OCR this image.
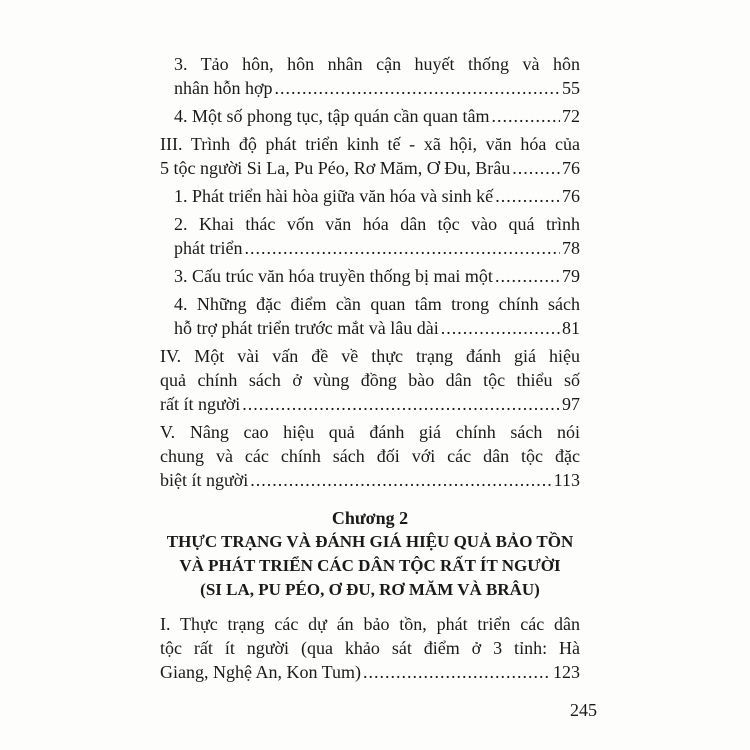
3. Tảo hôn, hôn nhân cận huyết thống và hôn
nhân hỗn hợp .....	55
4. Một số phong tục, tập quán cần quan tâm .....	72
III. Trình độ phát triển kinh tế - xã hội, văn hóa của
5 tộc người Si La, Pu Péo, Rơ Măm, Ơ Đu, Brâu .....	76
1. Phát triển hài hòa giữa văn hóa và sinh kế .....	76
2. Khai thác vốn văn hóa dân tộc vào quá trình
phát triển .....	78
3. Cấu trúc văn hóa truyền thống bị mai một .....	79
4. Những đặc điểm cần quan tâm trong chính sách
hỗ trợ phát triển trước mắt và lâu dài .....	81
IV. Một vài vấn đề về thực trạng đánh giá hiệu
quả chính sách ở vùng đồng bào dân tộc thiểu số
rất ít người .....	97
V. Nâng cao hiệu quả đánh giá chính sách nói
chung và các chính sách đối với các dân tộc đặc
biệt ít người .....	113
Chương 2
THỰC TRẠNG VÀ ĐÁNH GIÁ HIỆU QUẢ BẢO TỒN
VÀ PHÁT TRIỂN CÁC DÂN TỘC RẤT ÍT NGƯỜI
(SI LA, PU PÉO, Ơ ĐU, RƠ MĂM VÀ BRÂU)
I. Thực trạng các dự án bảo tồn, phát triển các dân
tộc rất ít người (qua khảo sát điểm ở 3 tỉnh: Hà
Giang, Nghệ An, Kon Tum) .....	123
245
